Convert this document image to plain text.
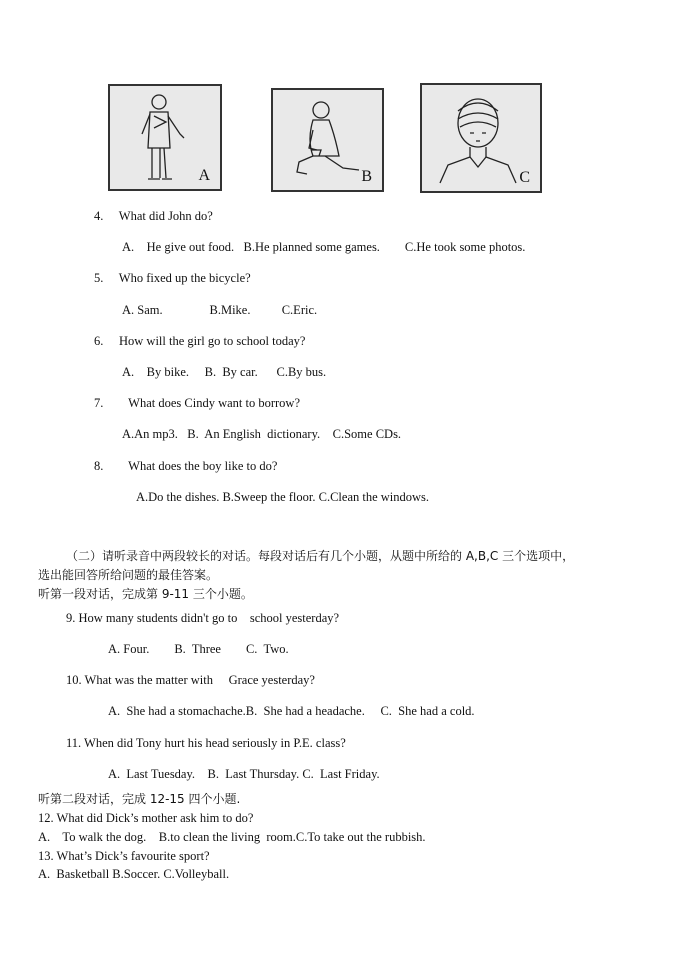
A	B	C
4.     What did John do?
A.    He give out food.   B.He planned some games.        C.He took some photos.
5.     Who fixed up the bicycle?
A. Sam.               B.Mike.          C.Eric.
6.     How will the girl go to school today?
A.    By bike.     B.  By car.      C.By bus.
7.        What does Cindy want to borrow?
A.An mp3.   B.  An English  dictionary.    C.Some CDs.
8.        What does the boy like to do?
A.Do the dishes. B.Sweep the floor. C.Clean the windows.
（二）请听录音中两段较长的对话。每段对话后有几个小题，从题中所给的 A,B,C 三个选项中，
选出能回答所给问题的最佳答案。
听第一段对话，完成第 9-11 三个小题。
9. How many students didn't go to    school yesterday?
A. Four.        B.  Three        C.  Two.
10. What was the matter with     Grace yesterday?
A.  She had a stomachache.B.  She had a headache.     C.  She had a cold.
11. When did Tony hurt his head seriously in P.E. class?
A.  Last Tuesday.    B.  Last Thursday. C.  Last Friday.
听第二段对话，完成 12-15 四个小题.
12. What did Dick’s mother ask him to do?
A.    To walk the dog.    B.to clean the living  room.C.To take out the rubbish.
13. What’s Dick’s favourite sport?
A.  Basketball B.Soccer. C.Volleyball.
